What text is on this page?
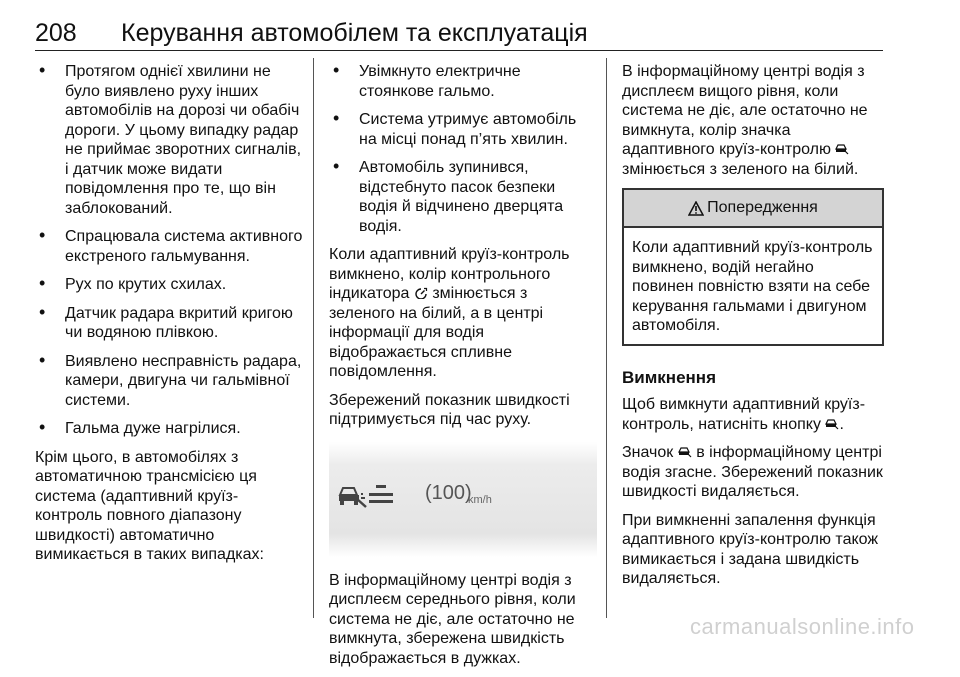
208 Керування автомобілем та експлуатація
• Протягом однієї хвилини не було виявлено руху інших автомобілів на дорозі чи обабіч дороги. У цьому випадку радар не приймає зворотних сигналів, і датчик може видати повідомлення про те, що він заблокований.
• Спрацювала система активного екстреного гальмування.
• Рух по крутих схилах.
• Датчик радара вкритий кригою чи водяною плівкою.
• Виявлено несправність радара, камери, двигуна чи гальмівної системи.
• Гальма дуже нагрілися.

Крім цього, в автомобілях з автоматичною трансмісією ця система (адаптивний круїз-контроль повного діапазону швидкості) автоматично вимикається в таких випадках:

• Увімкнуто електричне стоянкове гальмо.
• Система утримує автомобіль на місці понад п’ять хвилин.
• Автомобіль зупинився, відстебнуто пасок безпеки водія й відчинено дверцята водія.

Коли адаптивний круїз-контроль вимкнено, колір контрольного індикатора змінюється з зеленого на білий, а в центрі інформації для водія відображається спливне повідомлення.

Збережений показник швидкості підтримується під час руху.

(100)
km/h

В інформаційному центрі водія з дисплеєм середнього рівня, коли система не діє, але остаточно не вимкнута, збережена швидкість відображається в дужках.

В інформаційному центрі водія з дисплеєм вищого рівня, коли система не діє, але остаточно не вимкнута, колір значка адаптивного круїз-контролю  змінюється з зеленого на білий.

Попередження
Коли адаптивний круїз-контроль вимкнено, водій негайно повинен повністю взяти на себе керування гальмами і двигуном автомобіля.
Вимкнення

Щоб вимкнути адаптивний круїз-контроль, натисніть кнопку .

Значок в інформаційному центрі водія згасне. Збережений показник швидкості видаляється.

При вимкненні запалення функція адаптивного круїз-контролю також вимикається і задана швидкість видаляється.

carmanualsonline.info
